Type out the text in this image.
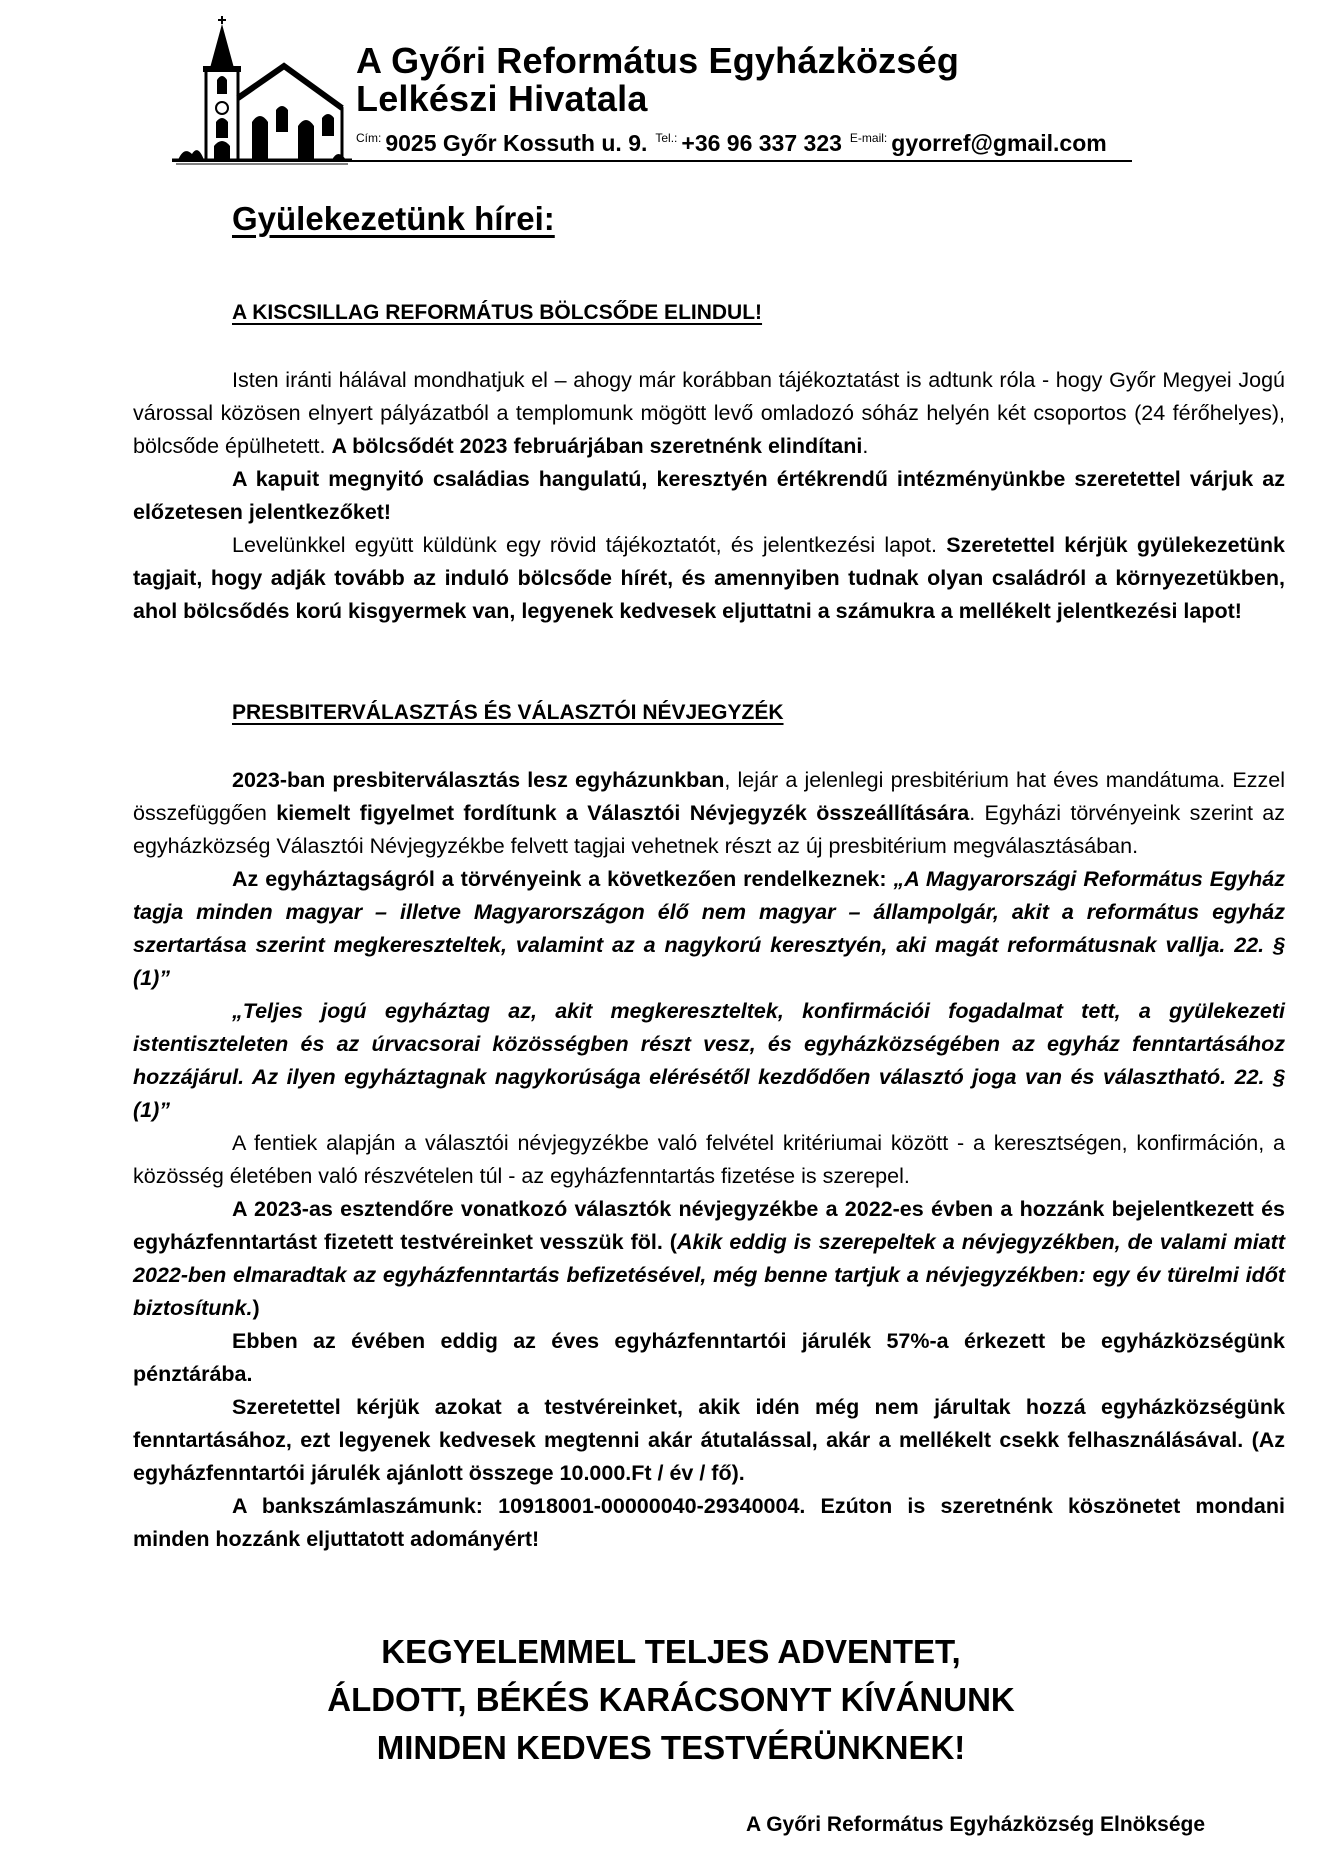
A Győri Református Egyházközség
Lelkészi Hivatala
$^{Cím:}$ 9025 Győr Kossuth u. 9. $^{Tel.:}$ +36 96 337 323 $^{E-mail:}$ gyorref@gmail.com
Gyülekezetünk hírei:
A KISCSILLAG REFORMÁTUS BÖLCSŐDE ELINDUL!

Isten iránti hálával mondhatjuk el – ahogy már korábban tájékoztatást is adtunk róla - hogy Győr Megyei Jogú várossal közösen elnyert pályázatból a templomunk mögött levő omladozó sóház helyén két csoportos (24 férőhelyes), bölcsőde épülhetett. A bölcsődét 2023 februárjában szeretnénk elindítani.

A kapuit megnyitó családias hangulatú, keresztyén értékrendű intézményünkbe szeretettel várjuk az előzetesen jelentkezőket!

Levelünkkel együtt küldünk egy rövid tájékoztatót, és jelentkezési lapot. Szeretettel kérjük gyülekezetünk tagjait, hogy adják tovább az induló bölcsőde hírét, és amennyiben tudnak olyan családról a környezetükben, ahol bölcsődés korú kisgyermek van, legyenek kedvesek eljuttatni a számukra a mellékelt jelentkezési lapot!

PRESBITERVÁLASZTÁS ÉS VÁLASZTÓI NÉVJEGYZÉK

2023-ban presbiterválasztás lesz egyházunkban, lejár a jelenlegi presbitérium hat éves mandátuma. Ezzel összefüggően kiemelt figyelmet fordítunk a Választói Névjegyzék összeállítására. Egyházi törvényeink szerint az egyházközség Választói Névjegyzékbe felvett tagjai vehetnek részt az új presbitérium megválasztásában.

Az egyháztagságról a törvényeink a következően rendelkeznek: „A Magyarországi Református Egyház tagja minden magyar – illetve Magyarországon élő nem magyar – állampolgár, akit a református egyház szertartása szerint megkereszteltek, valamint az a nagykorú keresztyén, aki magát reformátusnak vallja. 22. § (1)”

„Teljes jogú egyháztag az, akit megkereszteltek, konfirmációi fogadalmat tett, a gyülekezeti istentiszteleten és az úrvacsorai közösségben részt vesz, és egyházközségében az egyház fenntartásához hozzájárul. Az ilyen egyháztagnak nagykorúsága elérésétől kezdődően választó joga van és választható. 22. § (1)”

A fentiek alapján a választói névjegyzékbe való felvétel kritériumai között - a keresztségen, konfirmáción, a közösség életében való részvételen túl - az egyházfenntartás fizetése is szerepel.

A 2023-as esztendőre vonatkozó választók névjegyzékbe a 2022-es évben a hozzánk bejelentkezett és egyházfenntartást fizetett testvéreinket vesszük föl. (Akik eddig is szerepeltek a névjegyzékben, de valami miatt 2022-ben elmaradtak az egyházfenntartás befizetésével, még benne tartjuk a névjegyzékben: egy év türelmi időt biztosítunk.)

Ebben az évében eddig az éves egyházfenntartói járulék 57%-a érkezett be egyházközségünk pénztárába.

Szeretettel kérjük azokat a testvéreinket, akik idén még nem járultak hozzá egyházközségünk fenntartásához, ezt legyenek kedvesek megtenni akár átutalással, akár a mellékelt csekk felhasználásával. (Az egyházfenntartói járulék ajánlott összege 10.000.Ft / év / fő).

A bankszámlaszámunk: 10918001-00000040-29340004. Ezúton is szeretnénk köszönetet mondani minden hozzánk eljuttatott adományért!

KEGYELEMMEL TELJES ADVENTET,
ÁLDOTT, BÉKÉS KARÁCSONYT KÍVÁNUNK
MINDEN KEDVES TESTVÉRÜNKNEK!
A Győri Református Egyházközség Elnöksége
